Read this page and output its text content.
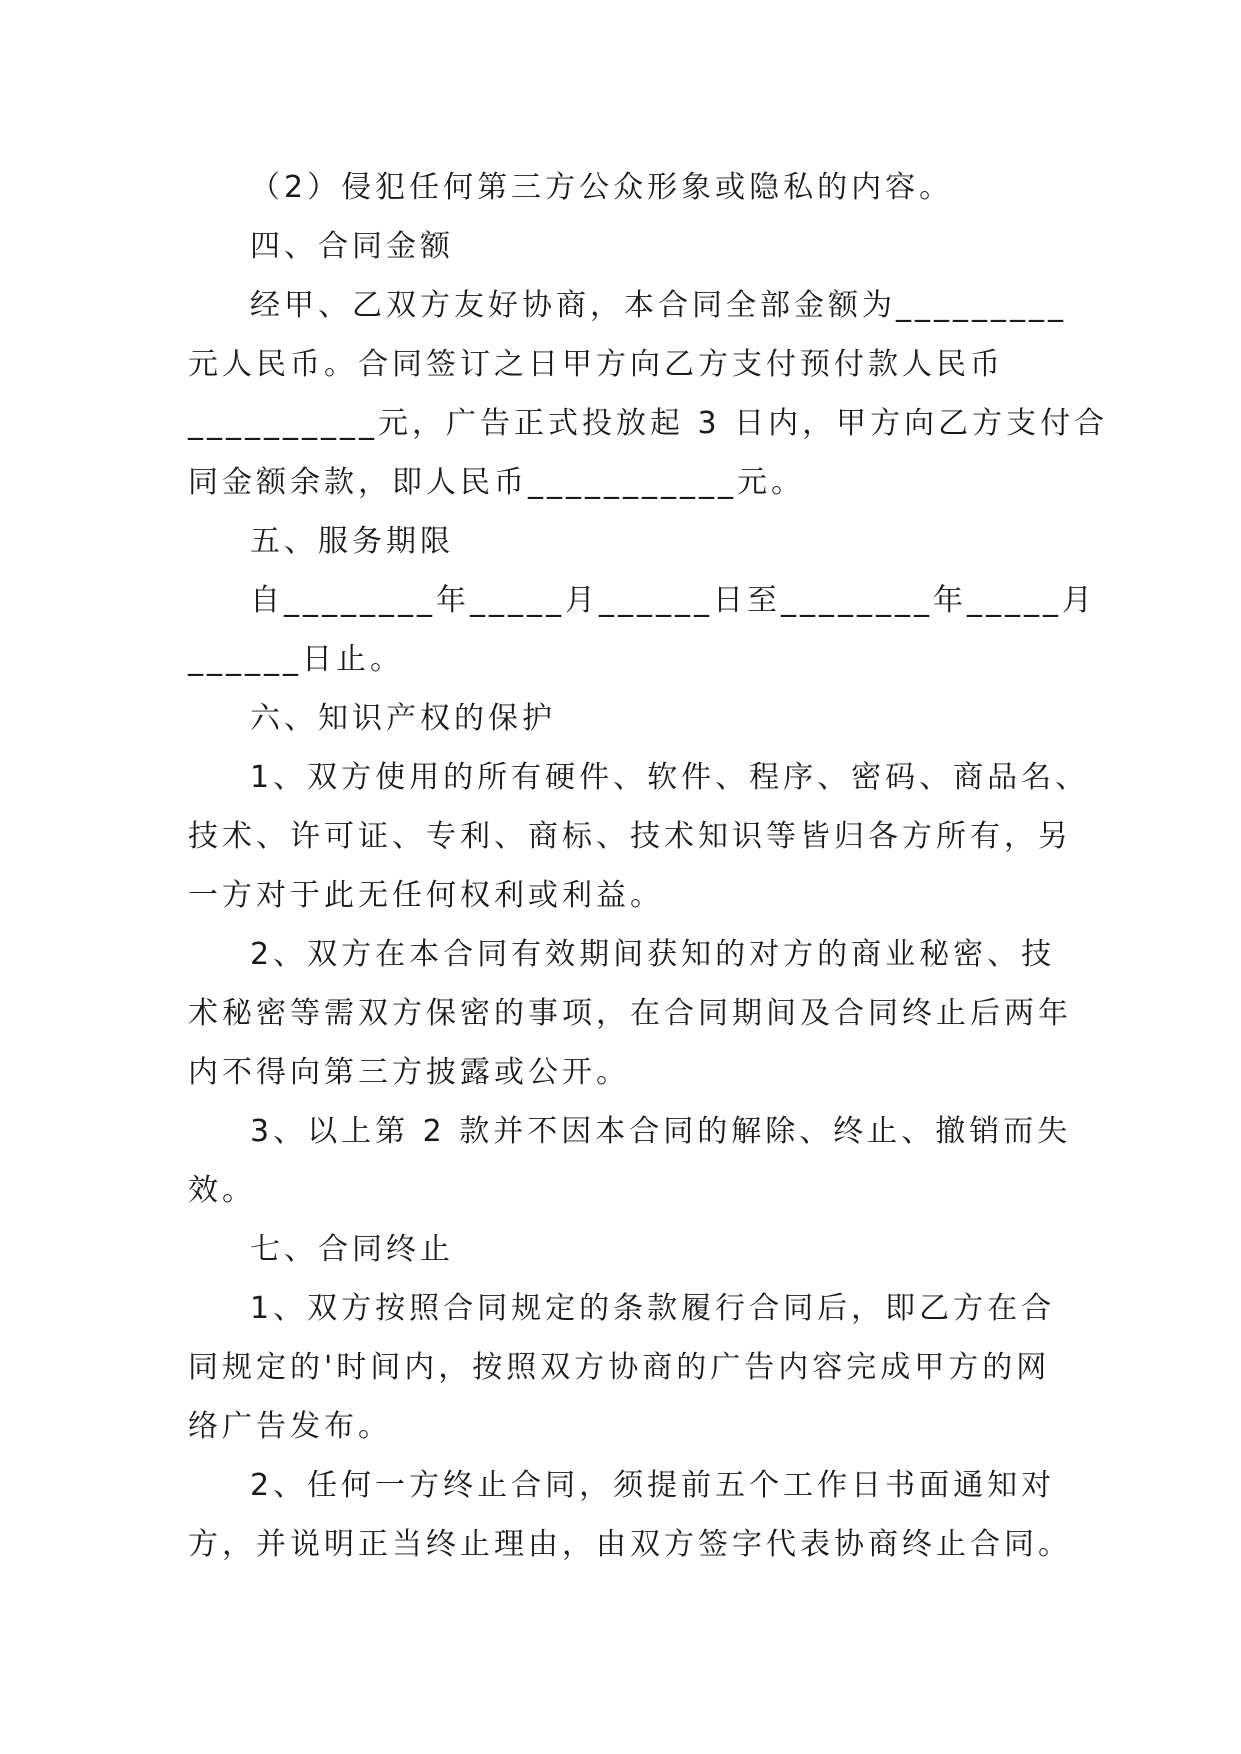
（2）侵犯任何第三方公众形象或隐私的内容。
四、合同金额
经甲、乙双方友好协商，本合同全部金额为_________
元人民币。合同签订之日甲方向乙方支付预付款人民币
__________元，广告正式投放起 3 日内，甲方向乙方支付合
同金额余款，即人民币___________元。
五、服务期限
自________年_____月______日至________年_____月
______日止。
六、知识产权的保护
1、双方使用的所有硬件、软件、程序、密码、商品名、
技术、许可证、专利、商标、技术知识等皆归各方所有，另
一方对于此无任何权利或利益。
2、双方在本合同有效期间获知的对方的商业秘密、技
术秘密等需双方保密的事项，在合同期间及合同终止后两年
内不得向第三方披露或公开。
3、以上第 2 款并不因本合同的解除、终止、撤销而失
效。
七、合同终止
1、双方按照合同规定的条款履行合同后，即乙方在合
同规定的'时间内，按照双方协商的广告内容完成甲方的网
络广告发布。
2、任何一方终止合同，须提前五个工作日书面通知对
方，并说明正当终止理由，由双方签字代表协商终止合同。
